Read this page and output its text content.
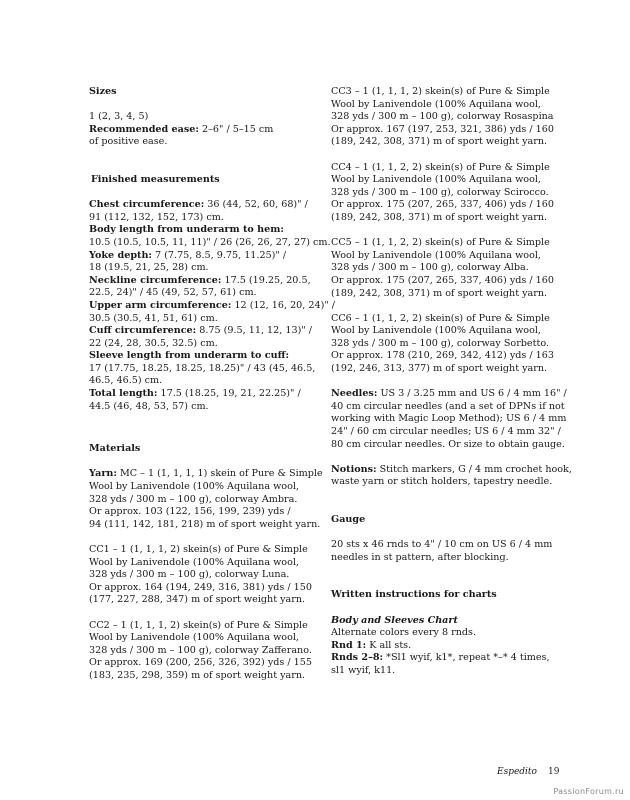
Sizes

1 (2, 3, 4, 5)

Recommended ease: 2–6" / 5–15 cm

of positive ease.

Finished measurements

Chest circumference: 36 (44, 52, 60, 68)" /
91 (112, 132, 152, 173) cm.
Body length from underarm to hem:
10.5 (10.5, 10.5, 11, 11)" / 26 (26, 26, 27, 27) cm.
Yoke depth: 7 (7.75, 8.5, 9.75, 11.25)" /
18 (19.5, 21, 25, 28) cm.
Neckline circumference: 17.5 (19.25, 20.5,
22.5, 24)" / 45 (49, 52, 57, 61) cm.
Upper arm circumference: 12 (12, 16, 20, 24)" /
30.5 (30.5, 41, 51, 61) cm.
Cuff circumference: 8.75 (9.5, 11, 12, 13)" /
22 (24, 28, 30.5, 32.5) cm.
Sleeve length from underarm to cuff:
17 (17.75, 18.25, 18.25, 18.25)" / 43 (45, 46.5,
46.5, 46.5) cm.
Total length: 17.5 (18.25, 19, 21, 22.25)" /
44.5 (46, 48, 53, 57) cm.

Materials

Yarn: MC – 1 (1, 1, 1, 1) skein of Pure & Simple
Wool by Lanivendole (100% Aquilana wool,
328 yds / 300 m – 100 g), colorway Ambra.
Or approx. 103 (122, 156, 199, 239) yds /
94 (111, 142, 181, 218) m of sport weight yarn.
CC1 – 1 (1, 1, 1, 2) skein(s) of Pure & Simple
Wool by Lanivendole (100% Aquilana wool,
328 yds / 300 m – 100 g), colorway Luna.
Or approx. 164 (194, 249, 316, 381) yds / 150
(177, 227, 288, 347) m of sport weight yarn.
CC2 – 1 (1, 1, 1, 2) skein(s) of Pure & Simple
Wool by Lanivendole (100% Aquilana wool,
328 yds / 300 m – 100 g), colorway Zafferano.
Or approx. 169 (200, 256, 326, 392) yds / 155
(183, 235, 298, 359) m of sport weight yarn.
CC3 – 1 (1, 1, 1, 2) skein(s) of Pure & Simple
Wool by Lanivendole (100% Aquilana wool,
328 yds / 300 m – 100 g), colorway Rosaspina
Or approx. 167 (197, 253, 321, 386) yds / 160
(189, 242, 308, 371) m of sport weight yarn.
CC4 – 1 (1, 1, 2, 2) skein(s) of Pure & Simple
Wool by Lanivendole (100% Aquilana wool,
328 yds / 300 m – 100 g), colorway Scirocco.
Or approx. 175 (207, 265, 337, 406) yds / 160
(189, 242, 308, 371) m of sport weight yarn.
CC5 – 1 (1, 1, 2, 2) skein(s) of Pure & Simple
Wool by Lanivendole (100% Aquilana wool,
328 yds / 300 m – 100 g), colorway Alba.
Or approx. 175 (207, 265, 337, 406) yds / 160
(189, 242, 308, 371) m of sport weight yarn.
CC6 – 1 (1, 1, 2, 2) skein(s) of Pure & Simple
Wool by Lanivendole (100% Aquilana wool,
328 yds / 300 m – 100 g), colorway Sorbetto.
Or approx. 178 (210, 269, 342, 412) yds / 163
(192, 246, 313, 377) m of sport weight yarn.
Needles: US 3 / 3.25 mm and US 6 / 4 mm 16" /
40 cm circular needles (and a set of DPNs if not
working with Magic Loop Method); US 6 / 4 mm
24" / 60 cm circular needles; US 6 / 4 mm 32" /
80 cm circular needles. Or size to obtain gauge.
Notions: Stitch markers, G / 4 mm crochet hook,
waste yarn or stitch holders, tapestry needle.

Gauge

20 sts x 46 rnds to 4" / 10 cm on US 6 / 4 mm
needles in st pattern, after blocking.

Written instructions for charts

Body and Sleeves Chart
Alternate colors every 8 rnds.
Rnd 1: K all sts.
Rnds 2–8: *Sl1 wyif, k1*, repeat *–* 4 times,
sl1 wyif, k11.
Espedito 19
PassionForum.ru
